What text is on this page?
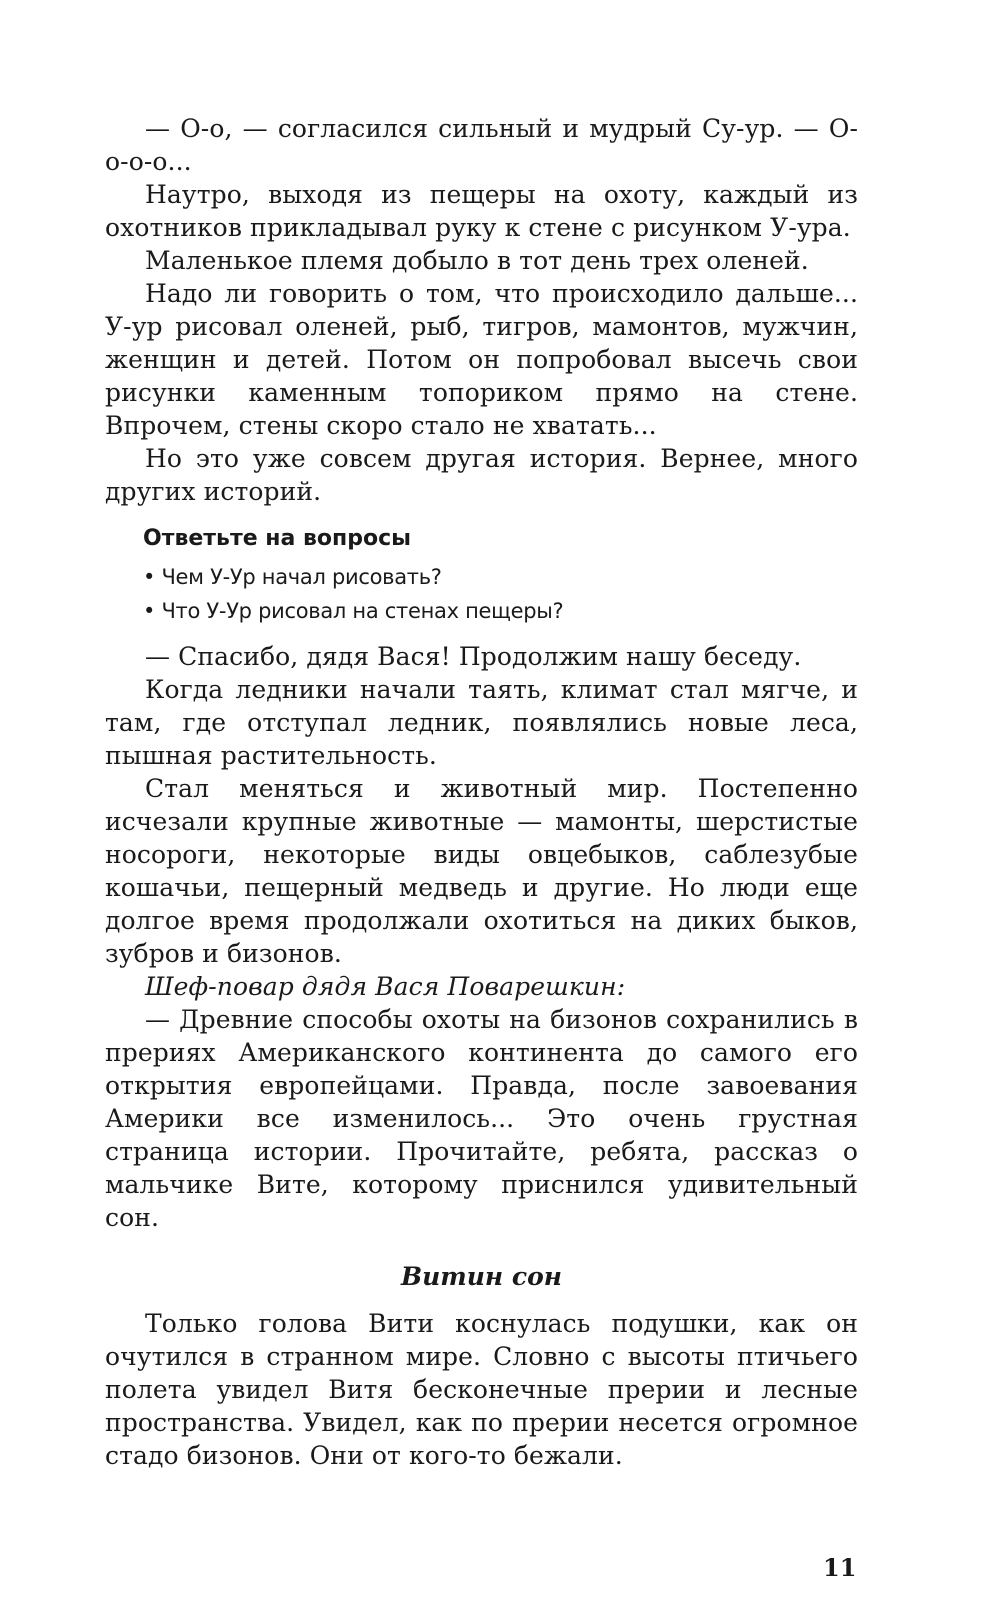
— О-о, — согласился сильный и мудрый Су-ур. — О-о-о-о...

Наутро, выходя из пещеры на охоту, каждый из охотников прикладывал руку к стене с рисунком У-ура.

Маленькое племя добыло в тот день трех оленей.

Надо ли говорить о том, что происходило дальше... У-ур рисовал оленей, рыб, тигров, мамонтов, мужчин, женщин и детей. Потом он попробовал высечь свои рисунки каменным топориком прямо на стене. Впрочем, стены скоро стало не хватать...

Но это уже совсем другая история. Вернее, много других историй.

Ответьте на вопросы

• Чем У-Ур начал рисовать?

• Что У-Ур рисовал на стенах пещеры?

— Спасибо, дядя Вася! Продолжим нашу беседу.

Когда ледники начали таять, климат стал мягче, и там, где отступал ледник, появлялись новые леса, пышная растительность.

Стал меняться и животный мир. Постепенно исчезали крупные животные — мамонты, шерстистые носороги, некоторые виды овцебыков, саблезубые кошачьи, пещерный медведь и другие. Но люди еще долгое время продолжали охотиться на диких быков, зубров и бизонов.

Шеф-повар дядя Вася Поварешкин:

— Древние способы охоты на бизонов сохранились в прериях Американского континента до самого его открытия европейцами. Правда, после завоевания Америки все изменилось... Это очень грустная страница истории. Прочитайте, ребята, рассказ о мальчике Вите, которому приснился удивительный сон.

Витин сон

Только голова Вити коснулась подушки, как он очутился в странном мире. Словно с высоты птичьего полета увидел Витя бесконечные прерии и лесные пространства. Увидел, как по прерии несется огромное стадо бизонов. Они от кого-то бежали.

11
